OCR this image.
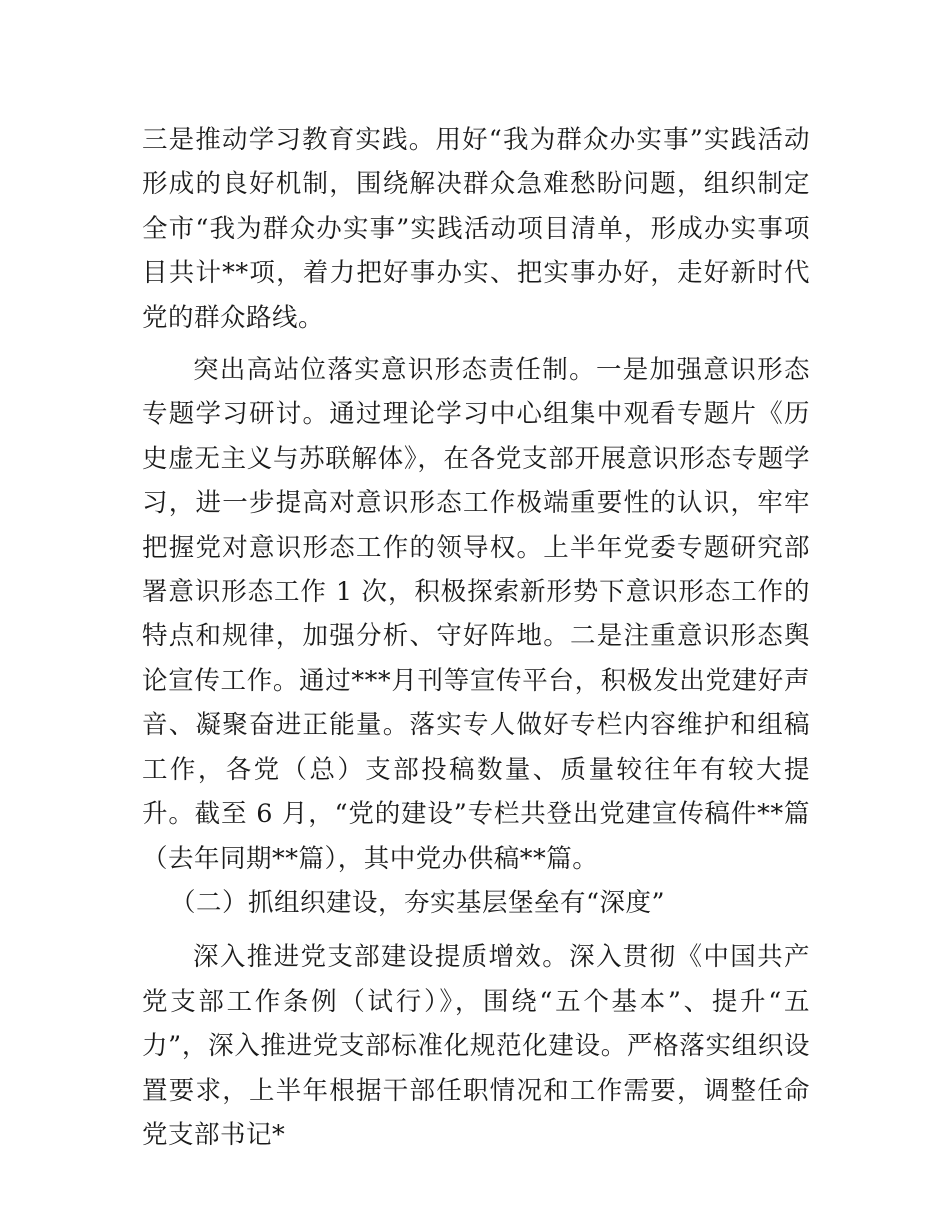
三是推动学习教育实践。用好“我为群众办实事”实践活动形成的良好机制，围绕解决群众急难愁盼问题，组织制定全市“我为群众办实事”实践活动项目清单，形成办实事项目共计**项，着力把好事办实、把实事办好，走好新时代党的群众路线。

突出高站位落实意识形态责任制。一是加强意识形态专题学习研讨。通过理论学习中心组集中观看专题片《历史虚无主义与苏联解体》，在各党支部开展意识形态专题学习，进一步提高对意识形态工作极端重要性的认识，牢牢把握党对意识形态工作的领导权。上半年党委专题研究部署意识形态工作 1 次，积极探索新形势下意识形态工作的特点和规律，加强分析、守好阵地。二是注重意识形态舆论宣传工作。通过***月刊等宣传平台，积极发出党建好声音、凝聚奋进正能量。落实专人做好专栏内容维护和组稿工作，各党（总）支部投稿数量、质量较往年有较大提升。截至 6 月，“党的建设”专栏共登出党建宣传稿件**篇（去年同期**篇），其中党办供稿**篇。

（二）抓组织建设，夯实基层堡垒有“深度”

深入推进党支部建设提质增效。深入贯彻《中国共产党支部工作条例（试行）》，围绕“五个基本”、提升“五力”，深入推进党支部标准化规范化建设。严格落实组织设置要求，上半年根据干部任职情况和工作需要，调整任命党支部书记*
